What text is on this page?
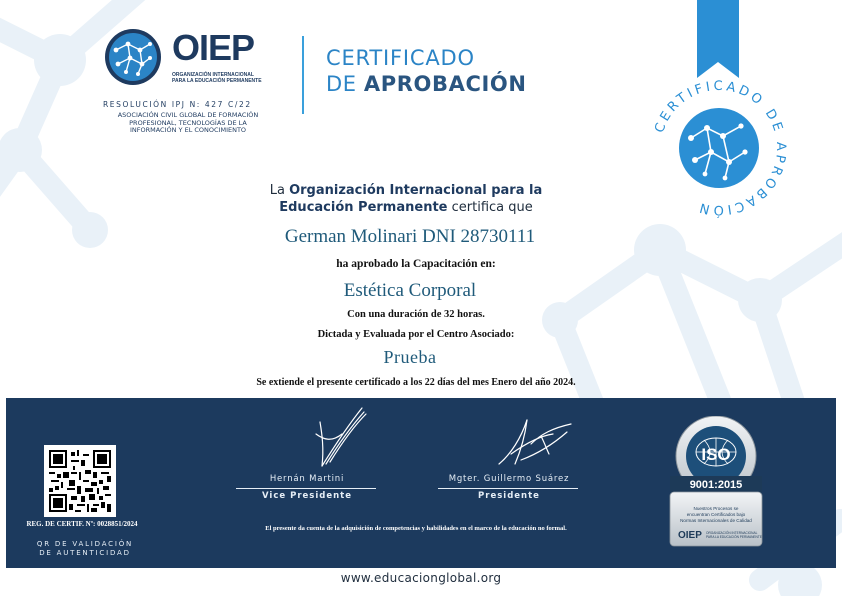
OIEP
ORGANIZACIÓN INTERNACIONAL
PARA LA EDUCACIÓN PERMANENTE
RESOLUCIÓN IPJ N: 427 C/22
ASOCIACIÓN CIVIL GLOBAL DE FORMACIÓN
PROFESIONAL, TECNOLOGÍAS DE LA
INFORMACIÓN Y EL CONOCIMIENTO
CERTIFICADO
DE APROBACIÓN
CERTIFICADO DE APROBACIÓN
La Organización Internacional para la
Educación Permanente certifica que
German Molinari DNI 28730111
ha aprobado la Capacitación en:
Estética Corporal
Con una duración de 32 horas.
Dictada y Evaluada por el Centro Asociado:
Prueba
Se extiende el presente certificado a los 22 días del mes Enero del año 2024.
REG. DE CERTIF. Nº: 0028851/2024
QR DE VALIDACIÓN
DE AUTENTICIDAD
Hernán Martini
Vice Presidente
Mgter. Guillermo Suárez
Presidente
El presente da cuenta de la adquisición de competencias y habilidades en el marco de la educación no formal.
ISO
9001:2015
Nuestros Procesos se
encuentran Certificados bajo
Normas Internacionales de Calidad
OIEP ORGANIZACIÓN INTERNACIONAL
PARA LA EDUCACIÓN PERMANENTE
www.educacionglobal.org
